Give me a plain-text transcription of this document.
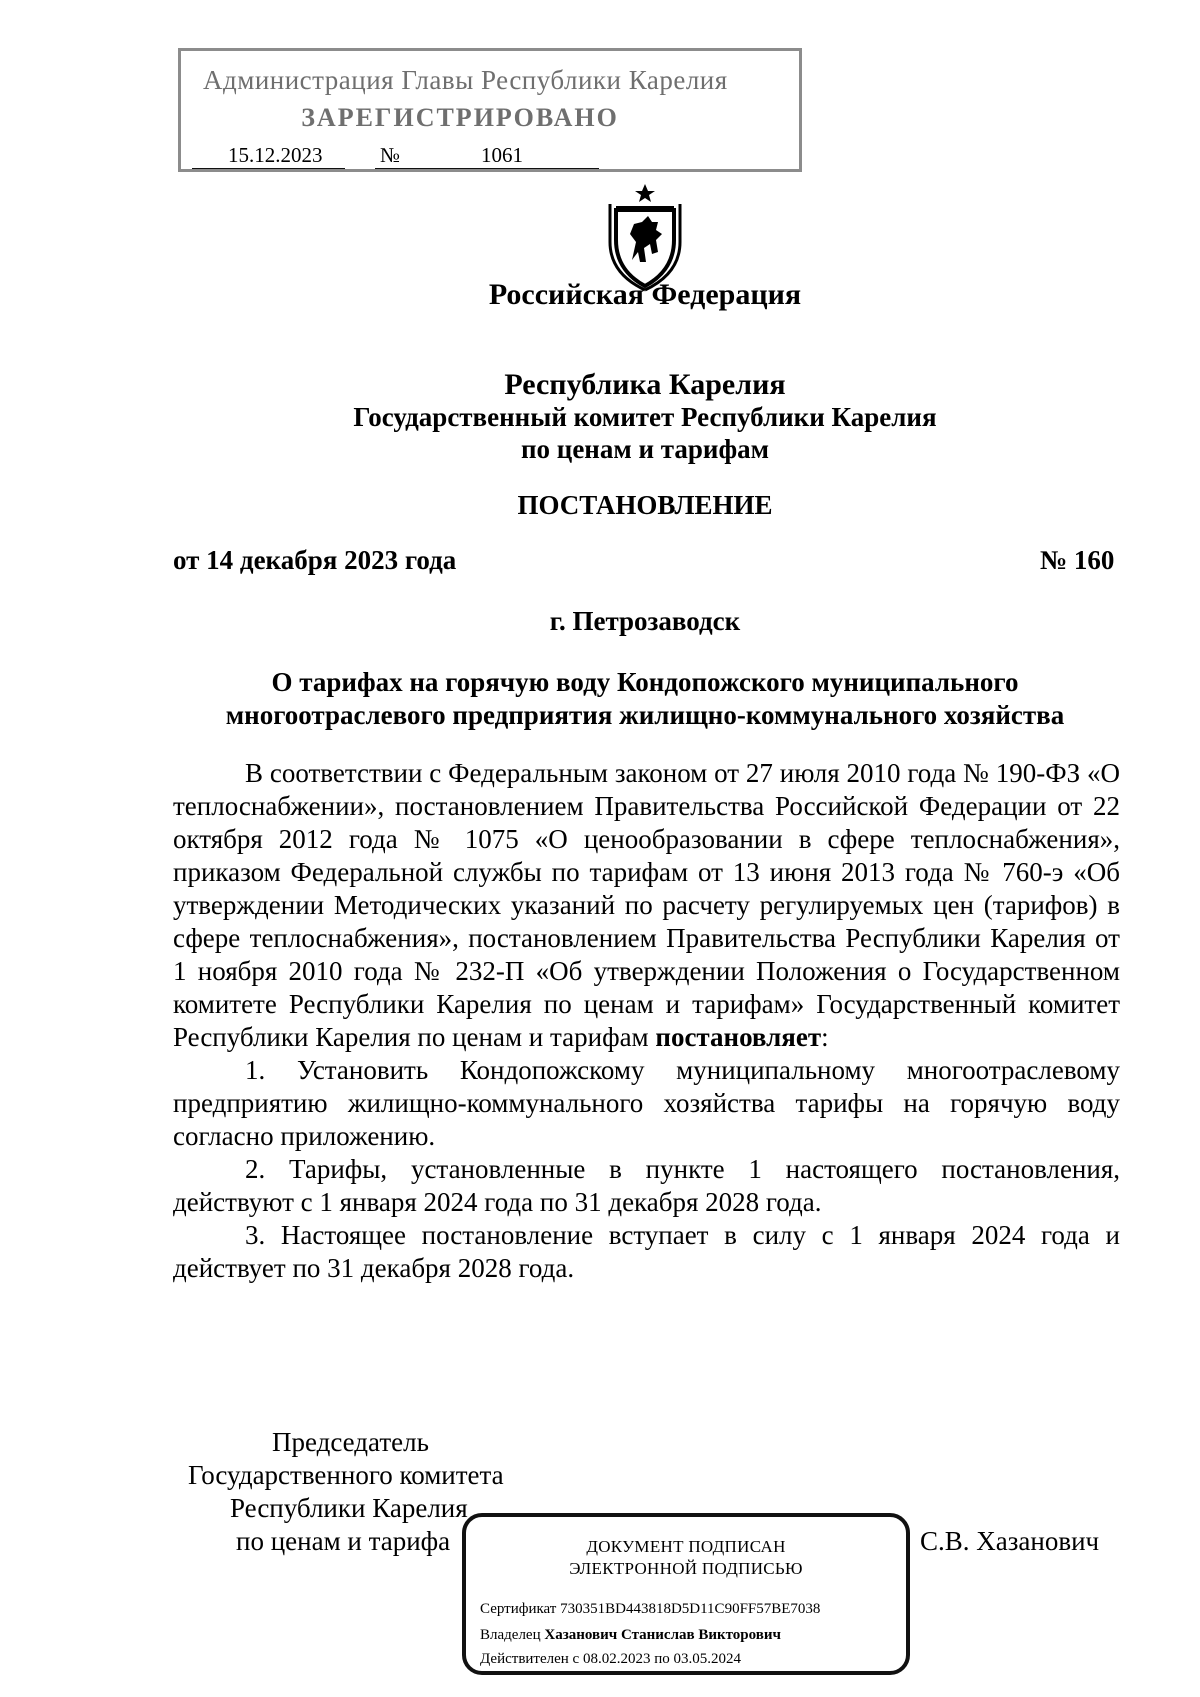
Администрация Главы Республики Карелия
ЗАРЕГИСТРИРОВАНО
15.12.2023	№	1061
Российская Федерация
Республика Карелия
Государственный комитет Республики Карелия
по ценам и тарифам
ПОСТАНОВЛЕНИЕ
от 14 декабря 2023 года	№ 160
г. Петрозаводск
О тарифах на горячую воду Кондопожского муниципального
многоотраслевого предприятия жилищно-коммунального хозяйства

В соответствии с Федеральным законом от 27 июля 2010 года № 190-ФЗ «О теплоснабжении», постановлением Правительства Российской Федерации от 22 октября 2012 года № 1075 «О ценообразовании в сфере теплоснабжения», приказом Федеральной службы по тарифам от 13 июня 2013 года № 760-э «Об утверждении Методических указаний по расчету регулируемых цен (тарифов) в сфере теплоснабжения», постановлением Правительства Республики Карелия от 1 ноября 2010 года № 232-П «Об утверждении Положения о Государственном комитете Республики Карелия по ценам и тарифам» Государственный комитет Республики Карелия по ценам и тарифам постановляет:

1. Установить Кондопожскому муниципальному многоотраслевому предприятию жилищно-коммунального хозяйства тарифы на горячую воду согласно приложению.

2. Тарифы, установленные в пункте 1 настоящего постановления, действуют с 1 января 2024 года по 31 декабря 2028 года.

3. Настоящее постановление вступает в силу с 1 января 2024 года и действует по 31 декабря 2028 года.

Председатель
Государственного комитета
Республики Карелия
по ценам и тарифа	С.В. Хазанович
ДОКУМЕНТ ПОДПИСАН
ЭЛЕКТРОННОЙ ПОДПИСЬЮ
Сертификат 730351BD443818D5D11C90FF57BE7038
Владелец Хазанович Станислав Викторович
Действителен с 08.02.2023 по 03.05.2024
